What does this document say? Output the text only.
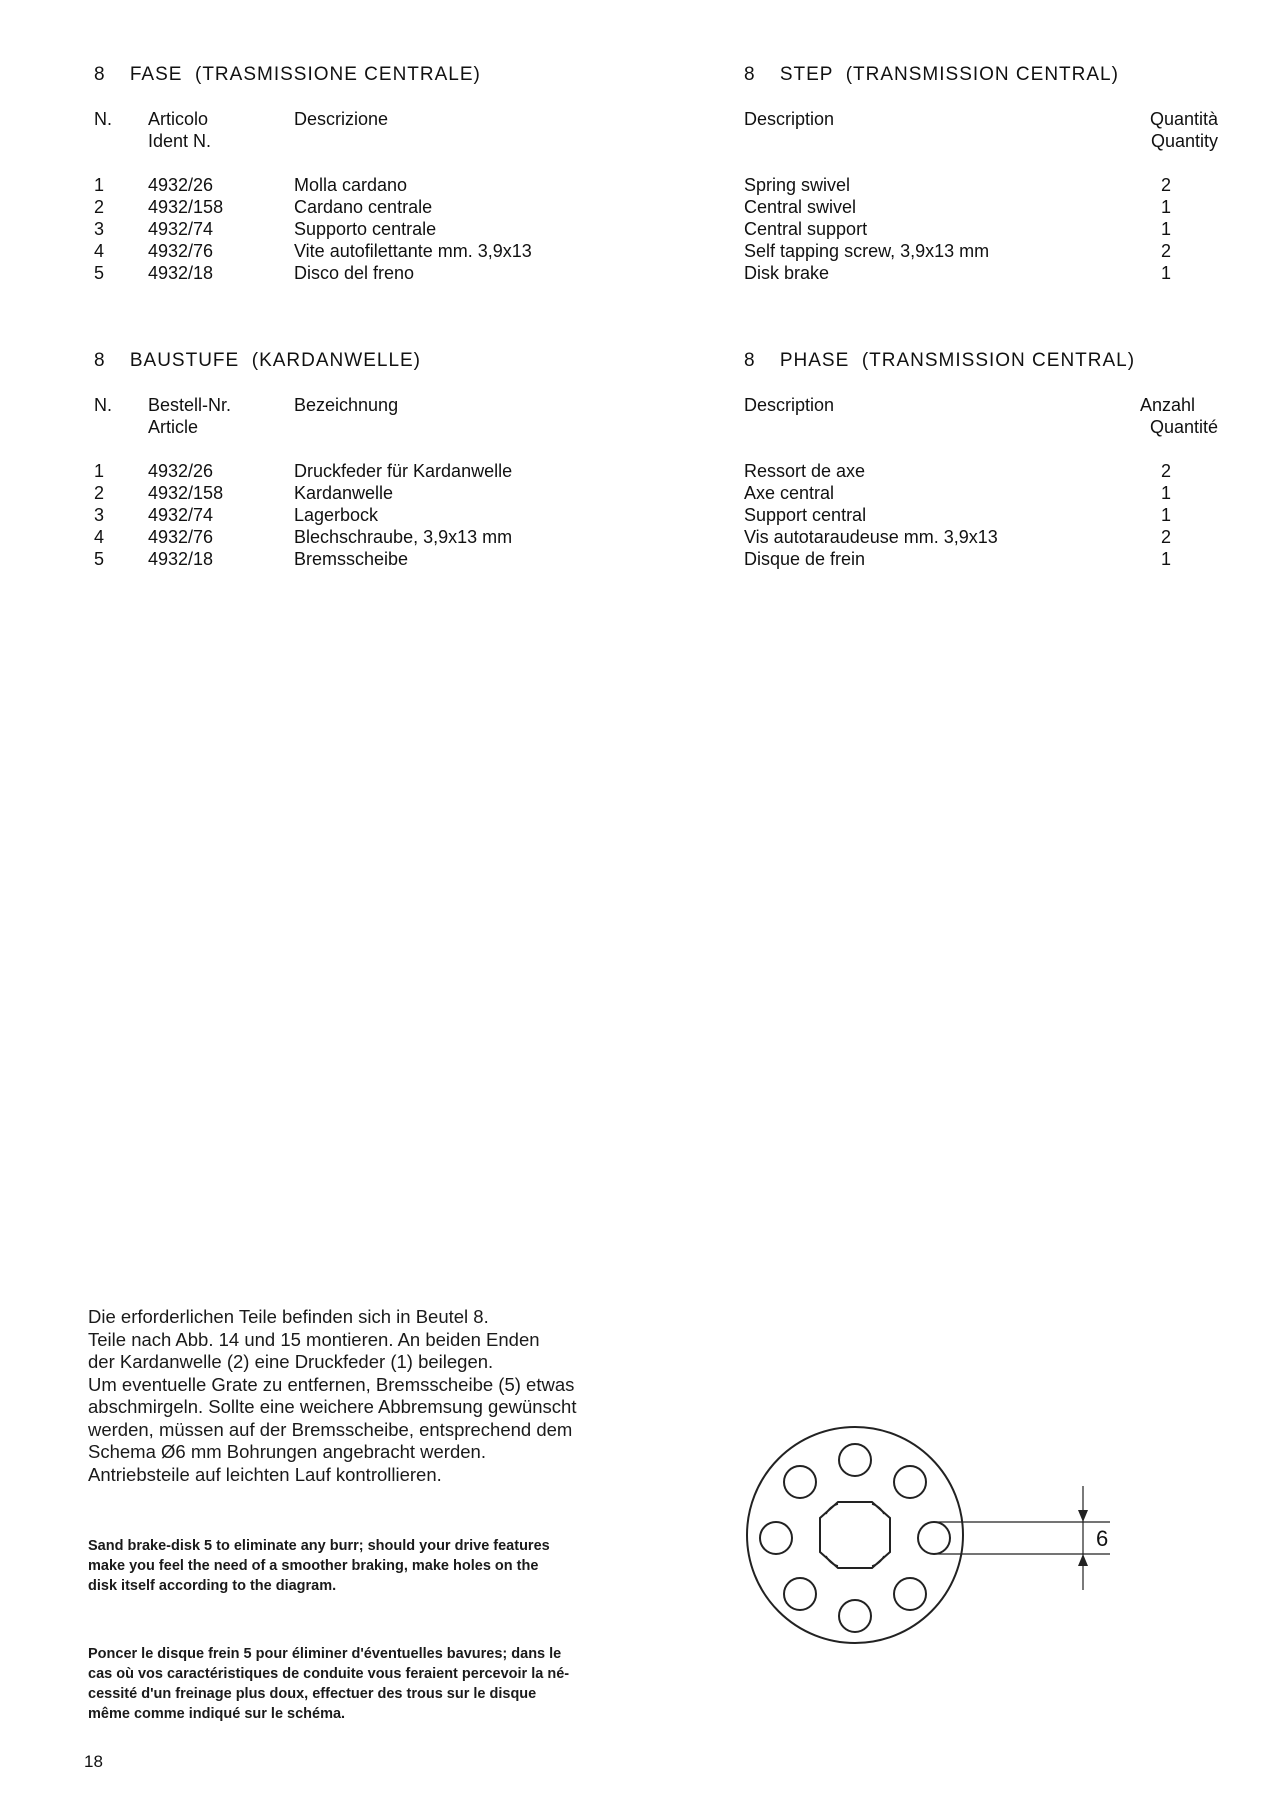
8 FASE  (TRASMISSIONE CENTRALE)
N. Articolo
Ident N.
Descrizione
1
2
3
4
5
4932/26
4932/158
4932/74
4932/76
4932/18
Molla cardano
Cardano centrale
Supporto centrale
Vite autofilettante mm. 3,9x13
Disco del freno
8 STEP  (TRANSMISSION CENTRAL)
Description	Quantità
Quantity
Spring swivel
Central swivel
Central support
Self tapping screw, 3,9x13 mm
Disk brake
2
1
1
2
1
8 BAUSTUFE  (KARDANWELLE)
N. Bestell-Nr.
Article
Bezeichnung
1
2
3
4
5
4932/26
4932/158
4932/74
4932/76
4932/18
Druckfeder für Kardanwelle
Kardanwelle
Lagerbock
Blechschraube, 3,9x13 mm
Bremsscheibe
8 PHASE  (TRANSMISSION CENTRAL)
Description	Anzahl
Quantité
Ressort de axe
Axe central
Support central
Vis autotaraudeuse mm. 3,9x13
Disque de frein
2
1
1
2
1
Die erforderlichen Teile befinden sich in Beutel 8.
Teile nach Abb. 14 und 15 montieren. An beiden Enden
der Kardanwelle (2) eine Druckfeder (1) beilegen.
Um eventuelle Grate zu entfernen, Bremsscheibe (5) etwas
abschmirgeln. Sollte eine weichere Abbremsung gewünscht
werden, müssen auf der Bremsscheibe, entsprechend dem
Schema Ø6 mm Bohrungen angebracht werden.
Antriebsteile auf leichten Lauf kontrollieren.
Sand brake-disk 5 to eliminate any burr; should your drive features
make you feel the need of a smoother braking, make holes on the
disk itself according to the diagram.
Poncer le disque frein 5 pour éliminer d'éventuelles bavures; dans le
cas où vos caractéristiques de conduite vous feraient percevoir la né-
cessité d'un freinage plus doux, effectuer des trous sur le disque
même comme indiqué sur le schéma.
6
18
